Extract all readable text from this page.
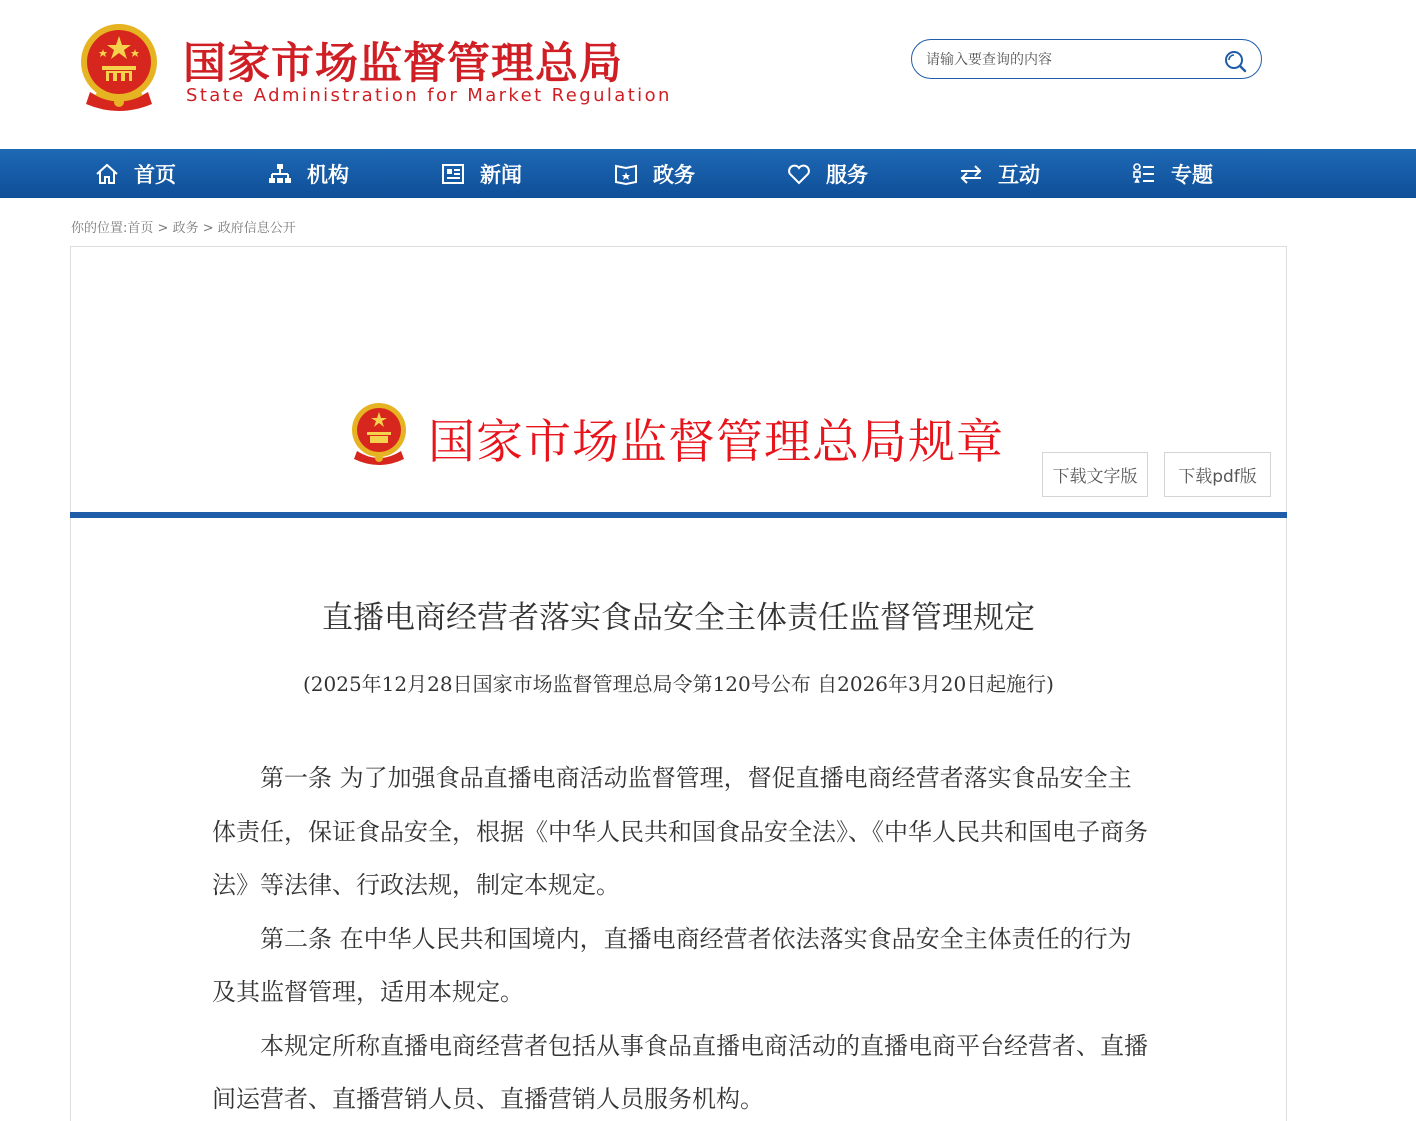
国家市场监督管理总局
State Administration for Market Regulation
请输入要查询的内容
首页	机构	新闻	政务	服务	互动	专题
你的位置:首页 > 政务 > 政府信息公开
国家市场监督管理总局规章
下载文字版	下载pdf版
直播电商经营者落实食品安全主体责任监督管理规定
(2025年12月28日国家市场监督管理总局令第120号公布 自2026年3月20日起施行)

第一条 为了加强食品直播电商活动监督管理，督促直播电商经营者落实食品安全主体责任，保证食品安全，根据《中华人民共和国食品安全法》、《中华人民共和国电子商务法》等法律、行政法规，制定本规定。

第二条 在中华人民共和国境内，直播电商经营者依法落实食品安全主体责任的行为及其监督管理，适用本规定。

本规定所称直播电商经营者包括从事食品直播电商活动的直播电商平台经营者、直播间运营者、直播营销人员、直播营销人员服务机构。
